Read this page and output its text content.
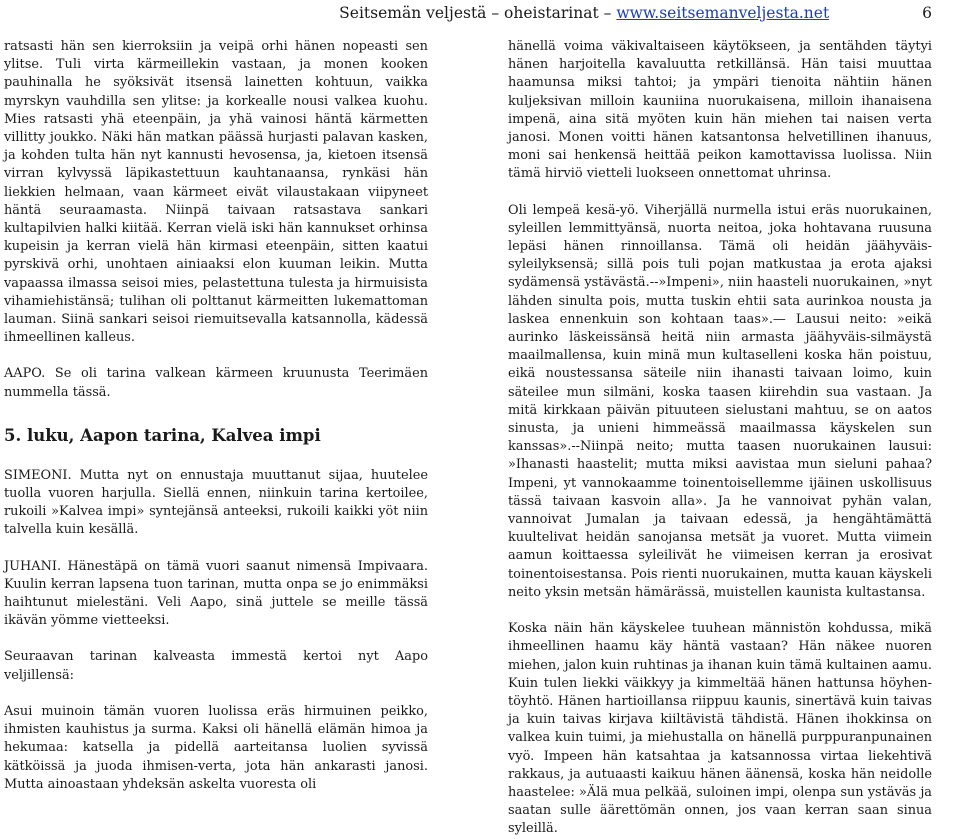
Seitsemän veljestä – oheistarinat – www.seitsemanveljesta.net	6

ratsasti hän sen kierroksiin ja veipä orhi hänen nopeasti sen ylitse. Tuli virta kärmeillekin vastaan, ja monen kooken pauhinalla he syöksivät itsensä lainetten kohtuun, vaikka myrskyn vauhdilla sen ylitse: ja korkealle nousi valkea kuohu. Mies ratsasti yhä eteenpäin, ja yhä vainosi häntä kärmetten villitty joukko. Näki hän matkan päässä hurjasti palavan kasken, ja kohden tulta hän nyt kannusti hevosensa, ja, kietoen itsensä virran kylvyssä läpikastettuun kauhtanaansa, rynkäsi hän liekkien helmaan, vaan kärmeet eivät vilaustakaan viipyneet häntä seuraamasta. Niinpä taivaan ratsastava sankari kultapilvien halki kiitää. Kerran vielä iski hän kannukset orhinsa kupeisin ja kerran vielä hän kirmasi eteenpäin, sitten kaatui pyrskivä orhi, unohtaen ainiaaksi elon kuuman leikin. Mutta vapaassa ilmassa seisoi mies, pelastettuna tulesta ja hirmuisista vihamiehistänsä; tulihan oli polttanut kärmeitten lukemattoman lauman. Siinä sankari seisoi riemuitsevalla katsannolla, kädessä ihmeellinen kalleus.

AAPO. Se oli tarina valkean kärmeen kruunusta Teerimäen nummella tässä.

5. luku, Aapon tarina, Kalvea impi

SIMEONI. Mutta nyt on ennustaja muuttanut sijaa, huutelee tuolla vuoren harjulla. Siellä ennen, niinkuin tarina kertoilee, rukoili »Kalvea impi» syntejänsä anteeksi, rukoili kaikki yöt niin talvella kuin kesällä.

JUHANI. Hänestäpä on tämä vuori saanut nimensä Impivaara. Kuulin kerran lapsena tuon tarinan, mutta onpa se jo enimmäksi haihtunut mielestäni. Veli Aapo, sinä juttele se meille tässä ikävän yömme vietteeksi.

Seuraavan tarinan kalveasta immestä kertoi nyt Aapo veljillensä:

Asui muinoin tämän vuoren luolissa eräs hirmuinen peikko, ihmisten kauhistus ja surma. Kaksi oli hänellä elämän himoa ja hekumaa: katsella ja pidellä aarteitansa luolien syvissä kätköissä ja juoda ihmisen-verta, jota hän ankarasti janosi. Mutta ainoastaan yhdeksän askelta vuoresta oli

hänellä voima väkivaltaiseen käytökseen, ja sentähden täytyi hänen harjoitella kavaluutta retkillänsä. Hän taisi muuttaa haamunsa miksi tahtoi; ja ympäri tienoita nähtiin hänen kuljeksivan milloin kauniina nuorukaisena, milloin ihanaisena impenä, aina sitä myöten kuin hän miehen tai naisen verta janosi. Monen voitti hänen katsantonsa helvetillinen ihanuus, moni sai henkensä heittää peikon kamottavissa luolissa. Niin tämä hirviö vietteli luokseen onnettomat uhrinsa.

Oli lempeä kesä-yö. Viherjällä nurmella istui eräs nuorukainen, syleillen lemmittyänsä, nuorta neitoa, joka hohtavana ruusuna lepäsi hänen rinnoillansa. Tämä oli heidän jäähyväis-syleilyksensä; sillä pois tuli pojan matkustaa ja erota ajaksi sydämensä ystävästä.--»Impeni», niin haasteli nuorukainen, »nyt lähden sinulta pois, mutta tuskin ehtii sata aurinkoa nousta ja laskea ennenkuin son kohtaan taas».— Lausui neito: »eikä aurinko läskeissänsä heitä niin armasta jäähyväis-silmäystä maailmallensa, kuin minä mun kultaselleni koska hän poistuu, eikä noustessansa säteile niin ihanasti taivaan loimo, kuin säteilee mun silmäni, koska taasen kiirehdin sua vastaan. Ja mitä kirkkaan päivän pituuteen sielustani mahtuu, se on aatos sinusta, ja unieni himmeässä maailmassa käyskelen sun kanssas».--Niinpä neito; mutta taasen nuorukainen lausui: »Ihanasti haastelit; mutta miksi aavistaa mun sieluni pahaa? Impeni, yt vannokaamme toinentoisellemme ijäinen uskollisuus tässä taivaan kasvoin alla». Ja he vannoivat pyhän valan, vannoivat Jumalan ja taivaan edessä, ja hengähtämättä kuultelivat heidän sanojansa metsät ja vuoret. Mutta viimein aamun koittaessa syleilivät he viimeisen kerran ja erosivat toinentoisestansa. Pois rienti nuorukainen, mutta kauan käyskeli neito yksin metsän hämärässä, muistellen kaunista kultastansa.

Koska näin hän käyskelee tuuhean männistön kohdussa, mikä ihmeellinen haamu käy häntä vastaan? Hän näkee nuoren miehen, jalon kuin ruhtinas ja ihanan kuin tämä kultainen aamu. Kuin tulen liekki väikkyy ja kimmeltää hänen hattunsa höyhen-töyhtö. Hänen hartioillansa riippuu kaunis, sinertävä kuin taivas ja kuin taivas kirjava kiiltävistä tähdistä. Hänen ihokkinsa on valkea kuin tuimi, ja miehustalla on hänellä purppuranpunainen vyö. Impeen hän katsahtaa ja katsannossa virtaa liekehtivä rakkaus, ja autuaasti kaikuu hänen äänensä, koska hän neidolle haastelee: »Älä mua pelkää, suloinen impi, olenpa sun ystäväs ja saatan sulle äärettömän onnen, jos vaan kerran saan sinua syleillä.
